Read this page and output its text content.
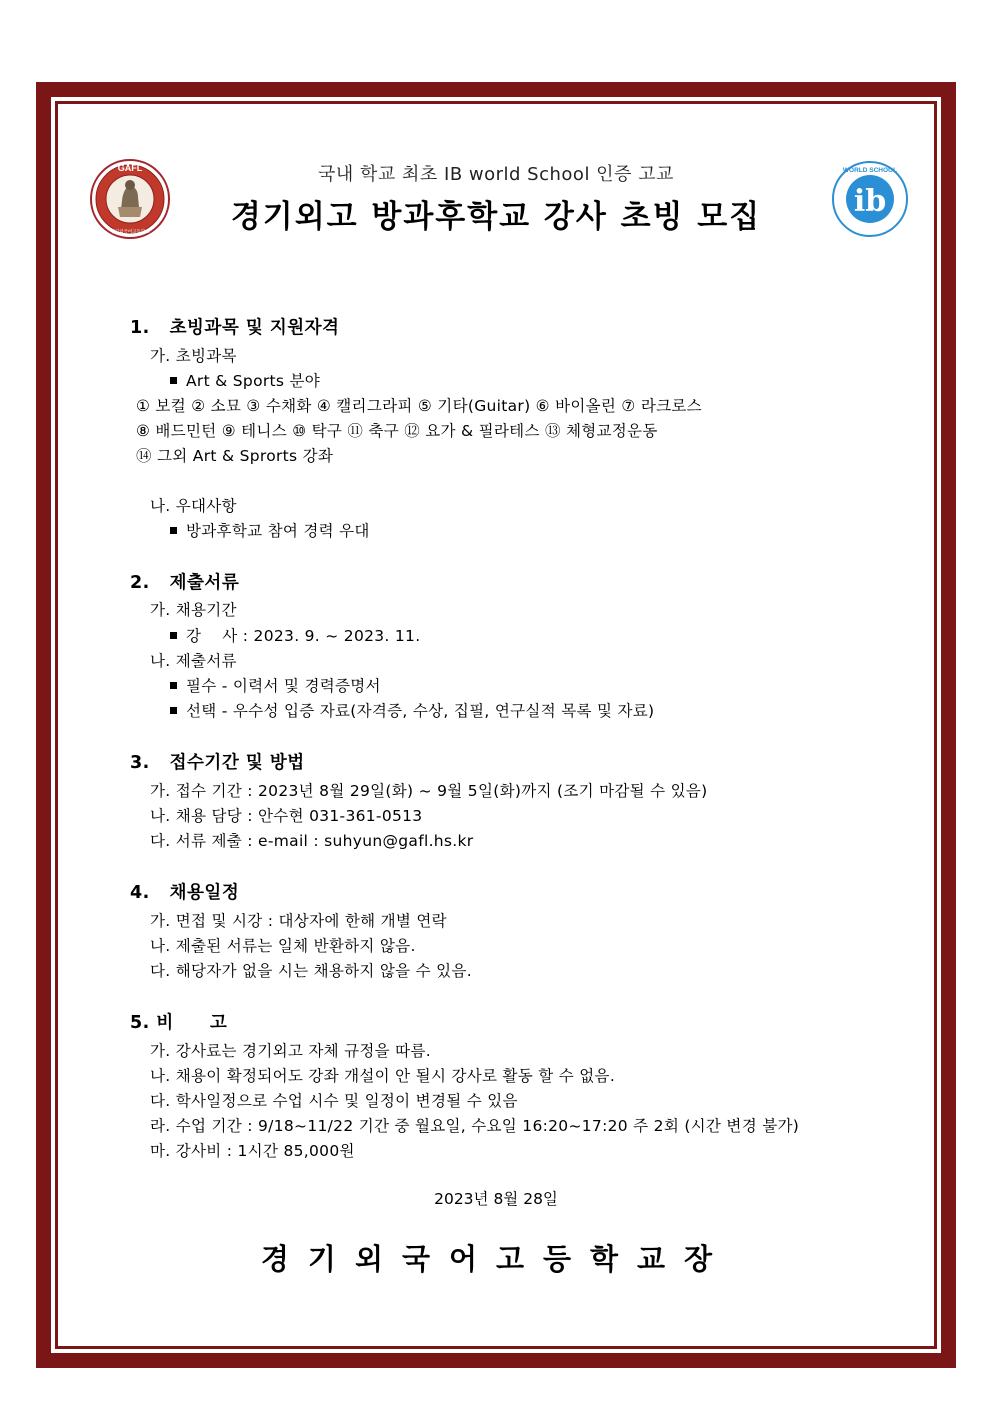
GAFL
경기외국어고등학교
ib
WORLD SCHOOL
국내 학교 최초 IB world School 인증 고교
경기외고 방과후학교 강사 초빙 모집
1. 초빙과목 및 지원자격
가. 초빙과목
Art & Sports 분야
① 보컬 ② 소묘 ③ 수채화 ④ 캘리그라피 ⑤ 기타(Guitar) ⑥ 바이올린 ⑦ 라크로스
⑧ 배드민턴 ⑨ 테니스 ⑩ 탁구 ⑪ 축구 ⑫ 요가 & 필라테스 ⑬ 체형교정운동
⑭ 그외 Art & Sprorts 강좌
나. 우대사항
방과후학교 참여 경력 우대
2. 제출서류
가. 채용기간
강　 사 : 2023. 9. ~ 2023. 11.
나. 제출서류
필수 - 이력서 및 경력증명서
선택 - 우수성 입증 자료(자격증, 수상, 집필, 연구실적 목록 및 자료)
3. 접수기간 및 방법
가. 접수 기간 : 2023년 8월 29일(화) ~ 9월 5일(화)까지 (조기 마감될 수 있음)
나. 채용 담당 : 안수현 031-361-0513
다. 서류 제출 : e-mail : suhyun@gafl.hs.kr
4. 채용일정
가. 면접 및 시강 : 대상자에 한해 개별 연락
나. 제출된 서류는 일체 반환하지 않음.
다. 해당자가 없을 시는 채용하지 않을 수 있음.
5. 비 고
가. 강사료는 경기외고 자체 규정을 따름.
나. 채용이 확정되어도 강좌 개설이 안 될시 강사로 활동 할 수 없음.
다. 학사일정으로 수업 시수 및 일정이 변경될 수 있음
라. 수업 기간 : 9/18~11/22 기간 중 월요일, 수요일 16:20~17:20 주 2회 (시간 변경 불가)
마. 강사비 : 1시간 85,000원
2023년 8월 28일
경기외국어고등학교장
